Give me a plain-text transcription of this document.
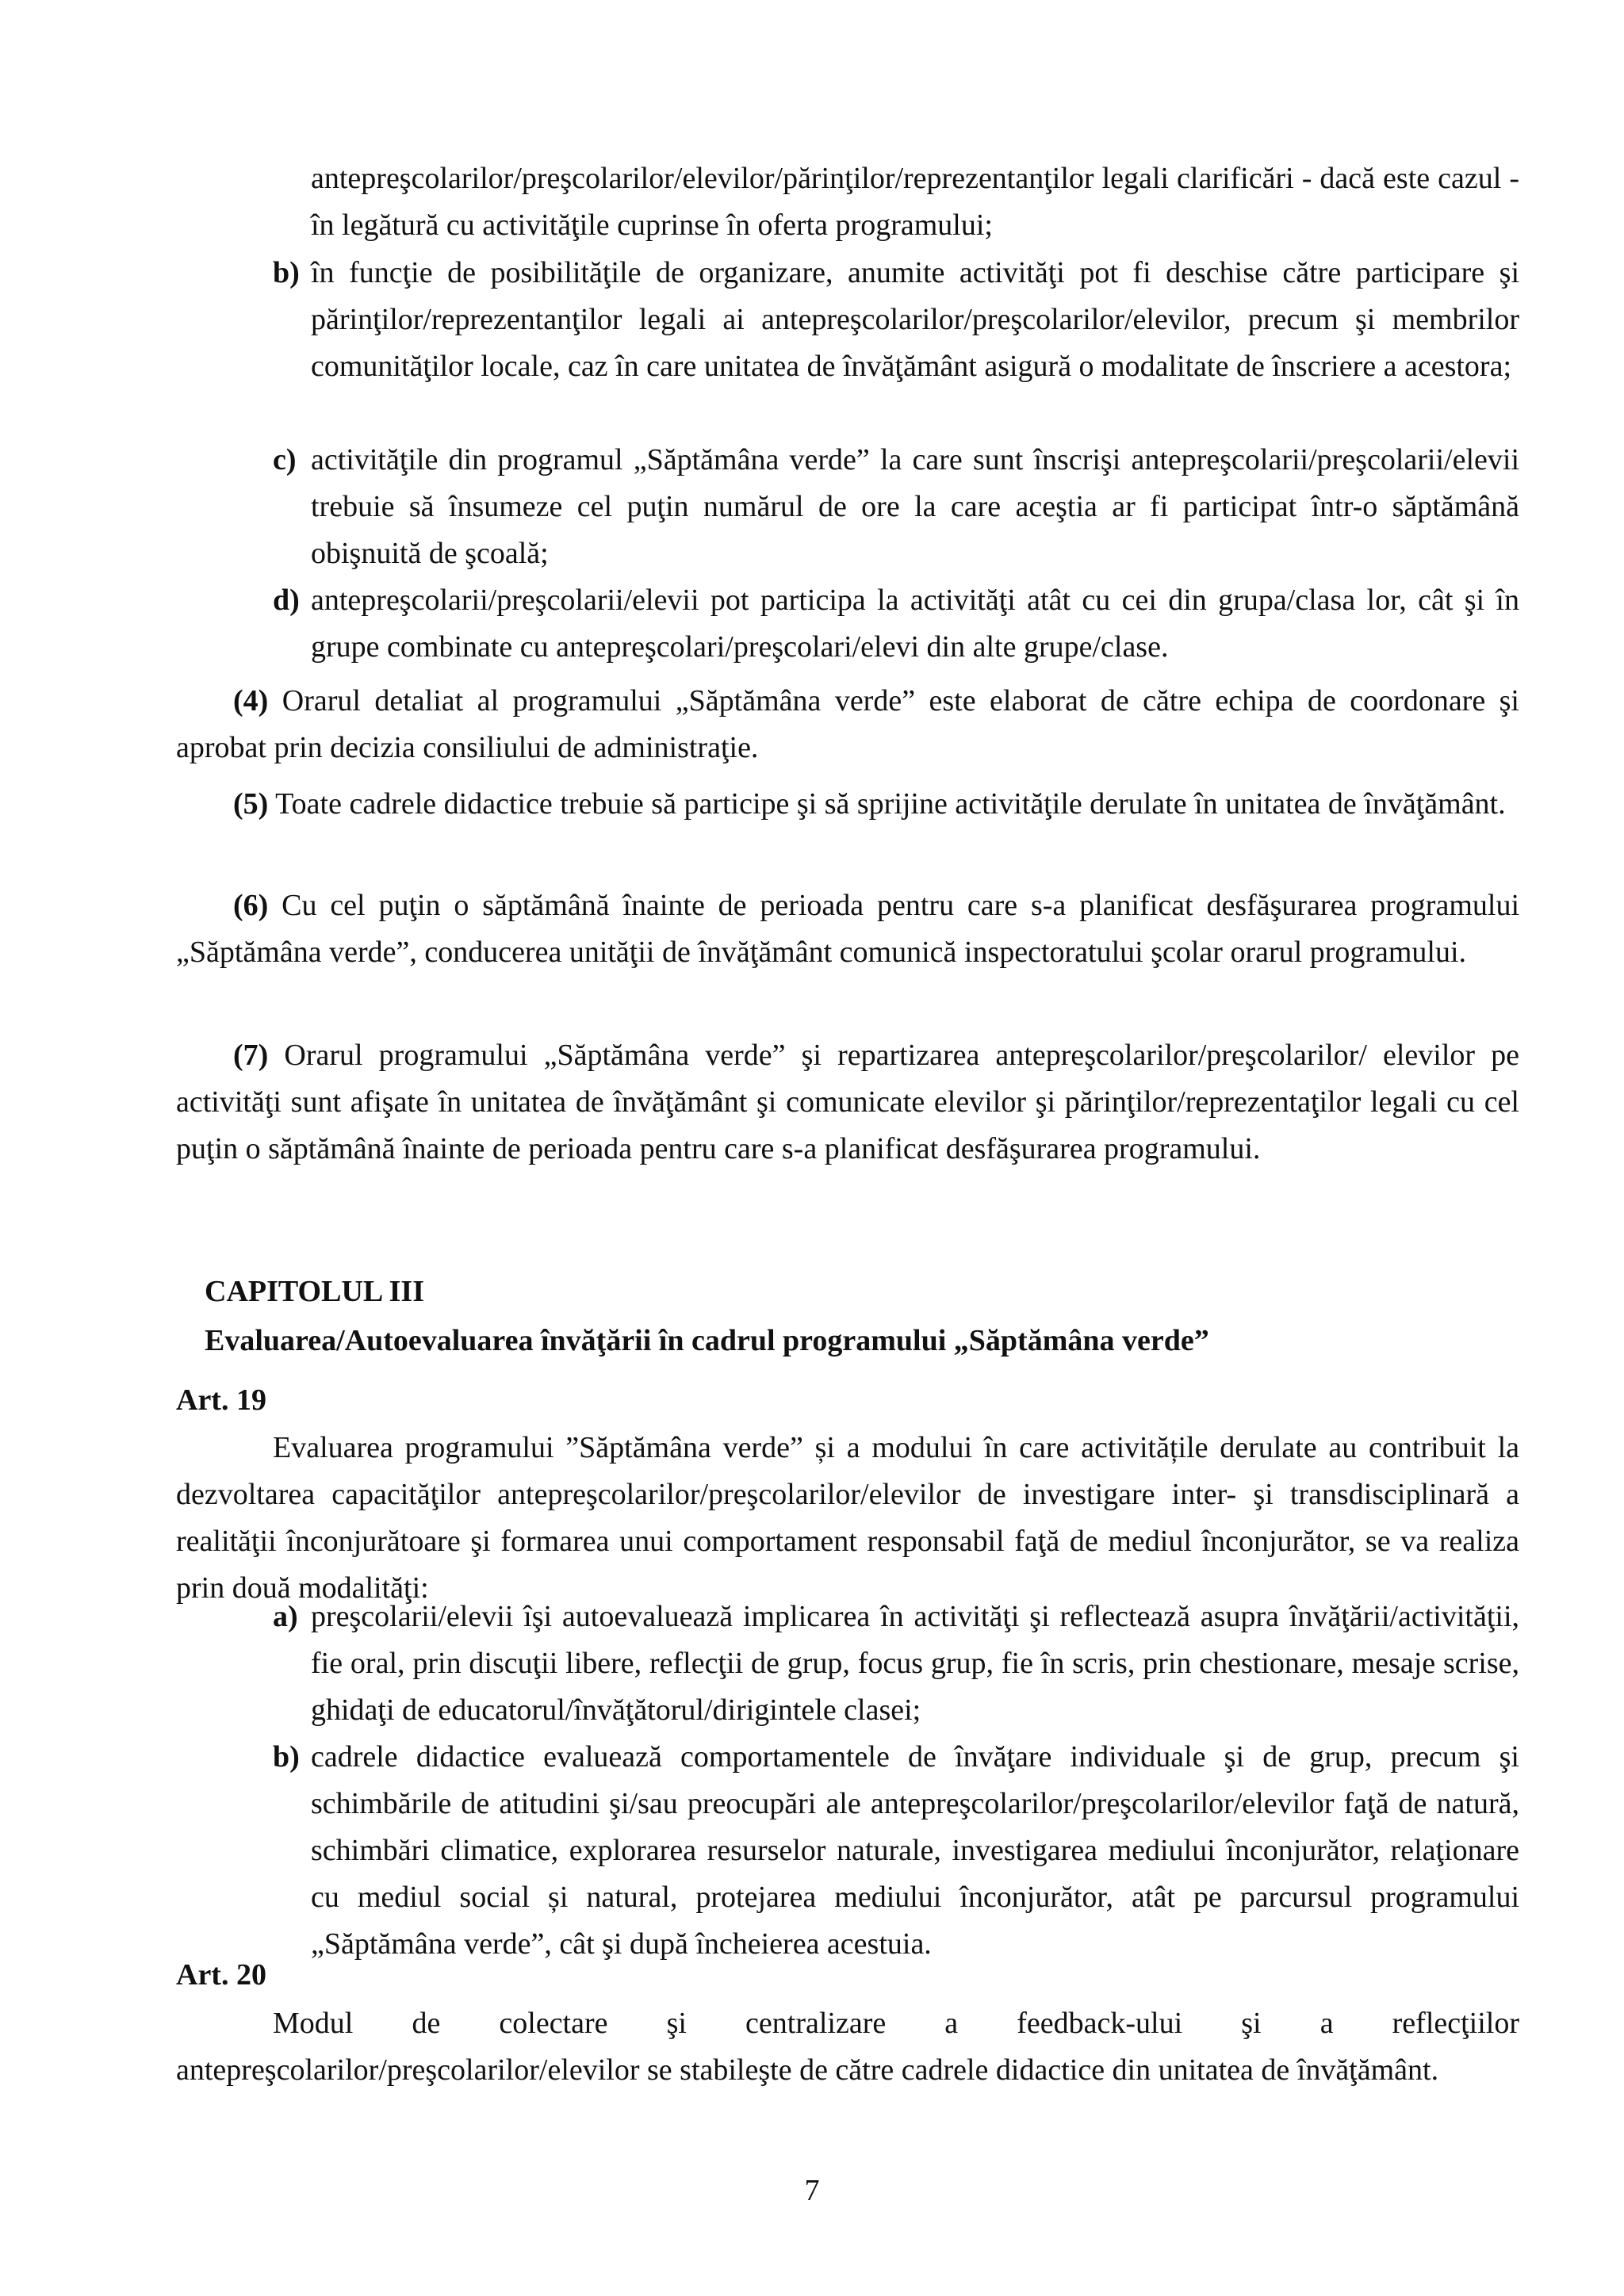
antepreşcolarilor/preşcolarilor/elevilor/părinţilor/reprezentanţilor legali clarificări - dacă este cazul - în legătură cu activităţile cuprinse în oferta programului;

b) în funcţie de posibilităţile de organizare, anumite activităţi pot fi deschise către participare şi părinţilor/reprezentanţilor legali ai antepreşcolarilor/preşcolarilor/elevilor, precum şi membrilor comunităţilor locale, caz în care unitatea de învăţământ asigură o modalitate de înscriere a acestora;

c) activităţile din programul „Săptămâna verde” la care sunt înscrişi antepreşcolarii/preşcolarii/elevii trebuie să însumeze cel puţin numărul de ore la care aceştia ar fi participat într-o săptămână obişnuită de şcoală;

d) antepreşcolarii/preşcolarii/elevii pot participa la activităţi atât cu cei din grupa/clasa lor, cât şi în grupe combinate cu antepreşcolari/preşcolari/elevi din alte grupe/clase.

(4) Orarul detaliat al programului „Săptămâna verde” este elaborat de către echipa de coordonare şi aprobat prin decizia consiliului de administraţie.

(5) Toate cadrele didactice trebuie să participe şi să sprijine activităţile derulate în unitatea de învăţământ.

(6) Cu cel puţin o săptămână înainte de perioada pentru care s-a planificat desfăşurarea programului „Săptămâna verde”, conducerea unităţii de învăţământ comunică inspectoratului şcolar orarul programului.

(7) Orarul programului „Săptămâna verde” şi repartizarea antepreşcolarilor/preşcolarilor/ elevilor pe activităţi sunt afişate în unitatea de învăţământ şi comunicate elevilor şi părinţilor/reprezentaţilor legali cu cel puţin o săptămână înainte de perioada pentru care s-a planificat desfăşurarea programului.

CAPITOLUL III
Evaluarea/Autoevaluarea învăţării în cadrul programului „Săptămâna verde”
Art. 19

Evaluarea programului ”Săptămâna verde” și a modului în care activitățile derulate au contribuit la dezvoltarea capacităţilor antepreşcolarilor/preşcolarilor/elevilor de investigare inter- şi transdisciplinară a realităţii înconjurătoare şi formarea unui comportament responsabil faţă de mediul înconjurător, se va realiza prin două modalităţi:

a) preşcolarii/elevii îşi autoevaluează implicarea în activităţi şi reflectează asupra învăţării/activităţii, fie oral, prin discuţii libere, reflecţii de grup, focus grup, fie în scris, prin chestionare, mesaje scrise, ghidaţi de educatorul/învăţătorul/dirigintele clasei;

b) cadrele didactice evaluează comportamentele de învăţare individuale şi de grup, precum şi schimbările de atitudini şi/sau preocupări ale antepreşcolarilor/preşcolarilor/elevilor faţă de natură, schimbări climatice, explorarea resurselor naturale, investigarea mediului înconjurător, relaţionare cu mediul social și natural, protejarea mediului înconjurător, atât pe parcursul programului „Săptămâna verde”, cât şi după încheierea acestuia.

Art. 20

Modul de colectare şi centralizare a feedback-ului şi a reflecţiilor antepreşcolarilor/preşcolarilor/elevilor se stabileşte de către cadrele didactice din unitatea de învăţământ.

7
